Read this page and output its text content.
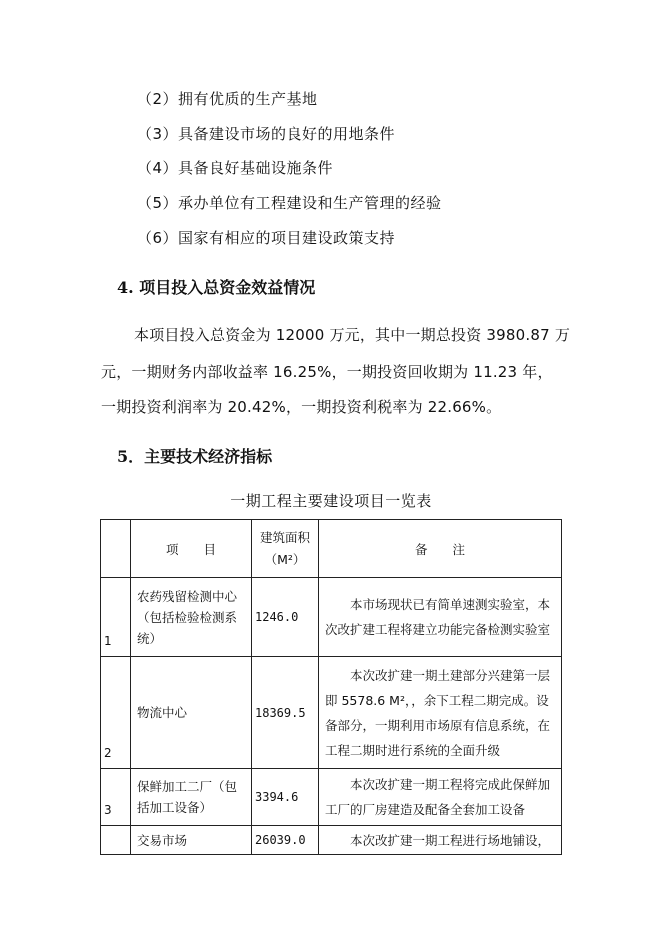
（2）拥有优质的生产基地
（3）具备建设市场的良好的用地条件
（4）具备良好基础设施条件
（5）承办单位有工程建设和生产管理的经验
（6）国家有相应的项目建设政策支持
4. 项目投入总资金效益情况
本项目投入总资金为 12000 万元，其中一期总投资 3980.87 万
元，一期财务内部收益率 16.25%，一期投资回收期为 11.23 年，
一期投资利润率为 20.42%，一期投资利税率为 22.66%。
5．主要技术经济指标
一期工程主要建设项目一览表
	项　　目	建筑面积（M²）	备　　注
1	农药残留检测中心（包括检验检测系统）	1246.0	本市场现状已有简单速测实验室，本次改扩建工程将建立功能完备检测实验室
2	物流中心	18369.5	本次改扩建一期土建部分兴建第一层即 5578.6 M²，，余下工程二期完成。设备部分，一期利用市场原有信息系统，在工程二期时进行系统的全面升级
3	保鲜加工二厂（包括加工设备）	3394.6	本次改扩建一期工程将完成此保鲜加工厂的厂房建造及配备全套加工设备
	交易市场	26039.0	本次改扩建一期工程进行场地铺设，
